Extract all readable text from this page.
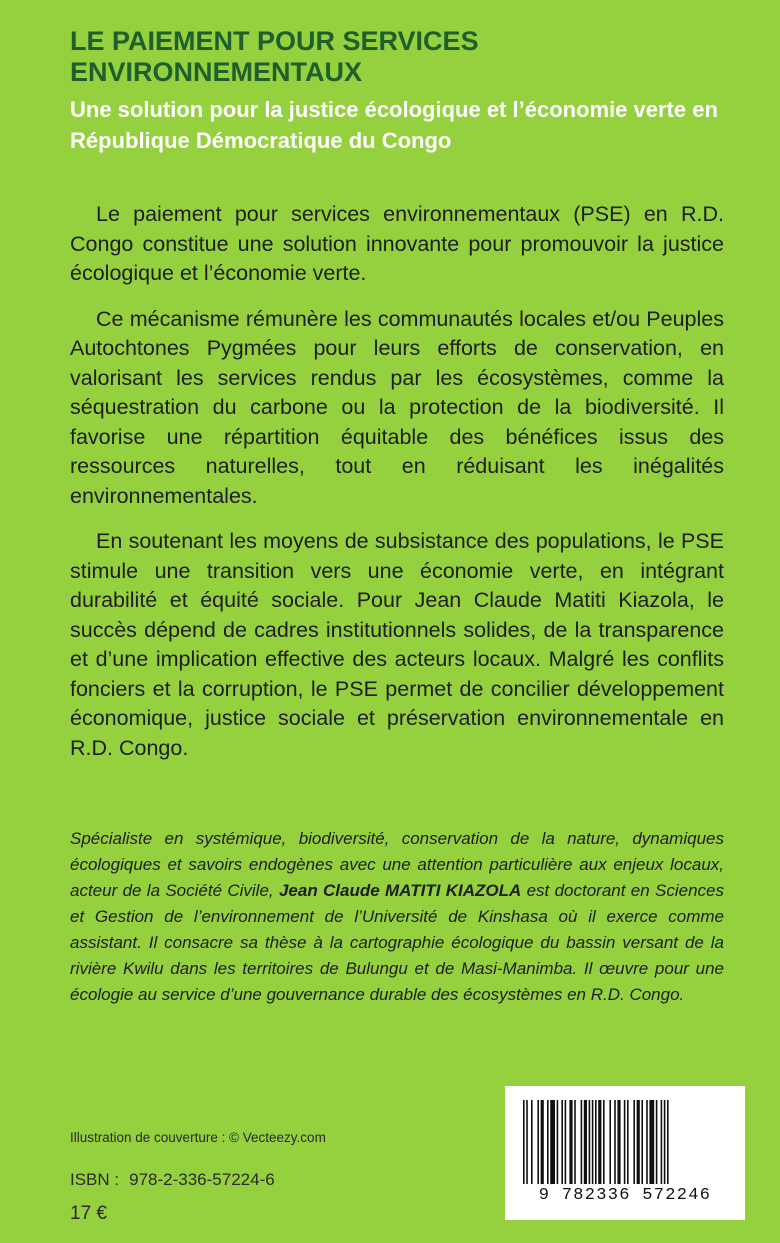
LE PAIEMENT POUR SERVICES ENVIRONNEMENTAUX
Une solution pour la justice écologique et l’économie verte en République Démocratique du Congo

Le paiement pour services environnementaux (PSE) en R.D. Congo constitue une solution innovante pour promouvoir la justice écologique et l’économie verte.

Ce mécanisme rémunère les communautés locales et/ou Peuples Autochtones Pygmées pour leurs efforts de conservation, en valorisant les services rendus par les écosystèmes, comme la séquestration du carbone ou la protection de la biodiversité. Il favorise une répartition équitable des bénéfices issus des ressources naturelles, tout en réduisant les inégalités environnementales.

En soutenant les moyens de subsistance des populations, le PSE stimule une transition vers une économie verte, en intégrant durabilité et équité sociale. Pour Jean Claude Matiti Kiazola, le succès dépend de cadres institutionnels solides, de la transparence et d’une implication effective des acteurs locaux. Malgré les conflits fonciers et la corruption, le PSE permet de concilier développement économique, justice sociale et préservation environnementale en R.D. Congo.

Spécialiste en systémique, biodiversité, conservation de la nature, dynamiques écologiques et savoirs endogènes avec une attention particulière aux enjeux locaux, acteur de la Société Civile, Jean Claude MATITI KIAZOLA est doctorant en Sciences et Gestion de l’environnement de l’Université de Kinshasa où il exerce comme assistant. Il consacre sa thèse à la cartographie écologique du bassin versant de la rivière Kwilu dans les territoires de Bulungu et de Masi-Manimba. Il œuvre pour une écologie au service d’une gouvernance durable des écosystèmes en R.D. Congo.

Illustration de couverture : © Vecteezy.com
ISBN : 978-2-336-57224-6
17 €
9 782336 572246
